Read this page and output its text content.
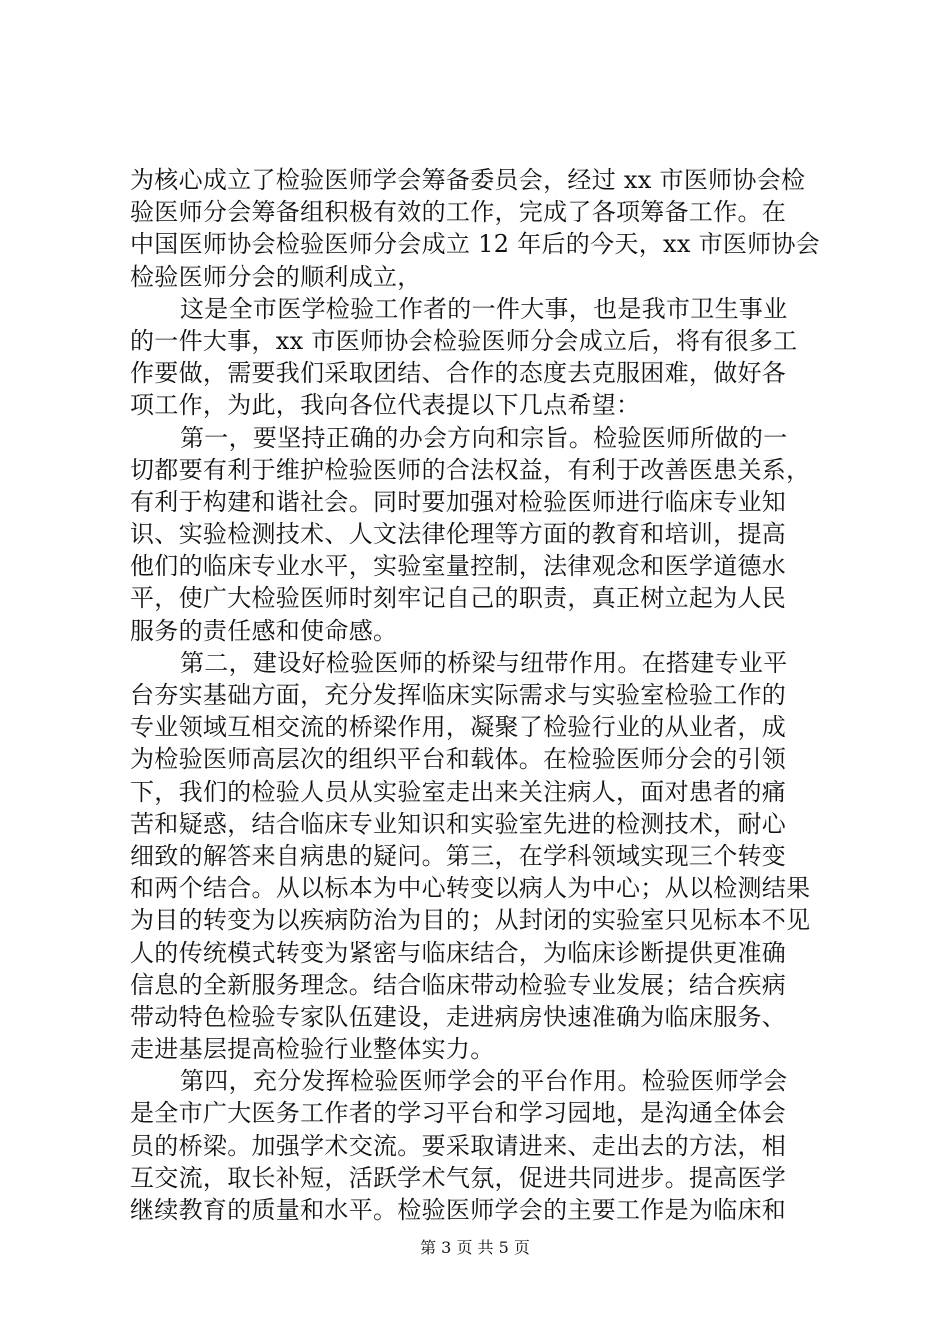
为核心成立了检验医师学会筹备委员会，经过 xx 市医师协会检
验医师分会筹备组积极有效的工作，完成了各项筹备工作。在
中国医师协会检验医师分会成立 12 年后的今天，xx 市医师协会
检验医师分会的顺利成立，
这是全市医学检验工作者的一件大事，也是我市卫生事业
的一件大事，xx 市医师协会检验医师分会成立后，将有很多工
作要做，需要我们采取团结、合作的态度去克服困难，做好各
项工作，为此，我向各位代表提以下几点希望：
第一，要坚持正确的办会方向和宗旨。检验医师所做的一
切都要有利于维护检验医师的合法权益，有利于改善医患关系，
有利于构建和谐社会。同时要加强对检验医师进行临床专业知
识、实验检测技术、人文法律伦理等方面的教育和培训，提高
他们的临床专业水平，实验室量控制，法律观念和医学道德水
平，使广大检验医师时刻牢记自己的职责，真正树立起为人民
服务的责任感和使命感。
第二，建设好检验医师的桥梁与纽带作用。在搭建专业平
台夯实基础方面，充分发挥临床实际需求与实验室检验工作的
专业领域互相交流的桥梁作用，凝聚了检验行业的从业者，成
为检验医师高层次的组织平台和载体。在检验医师分会的引领
下，我们的检验人员从实验室走出来关注病人，面对患者的痛
苦和疑惑，结合临床专业知识和实验室先进的检测技术，耐心
细致的解答来自病患的疑问。第三，在学科领域实现三个转变
和两个结合。从以标本为中心转变以病人为中心；从以检测结果
为目的转变为以疾病防治为目的；从封闭的实验室只见标本不见
人的传统模式转变为紧密与临床结合，为临床诊断提供更准确
信息的全新服务理念。结合临床带动检验专业发展；结合疾病
带动特色检验专家队伍建设，走进病房快速准确为临床服务、
走进基层提高检验行业整体实力。
第四，充分发挥检验医师学会的平台作用。检验医师学会
是全市广大医务工作者的学习平台和学习园地，是沟通全体会
员的桥梁。加强学术交流。要采取请进来、走出去的方法，相
互交流，取长补短，活跃学术气氛，促进共同进步。提高医学
继续教育的质量和水平。检验医师学会的主要工作是为临床和
第 3 页 共 5 页
